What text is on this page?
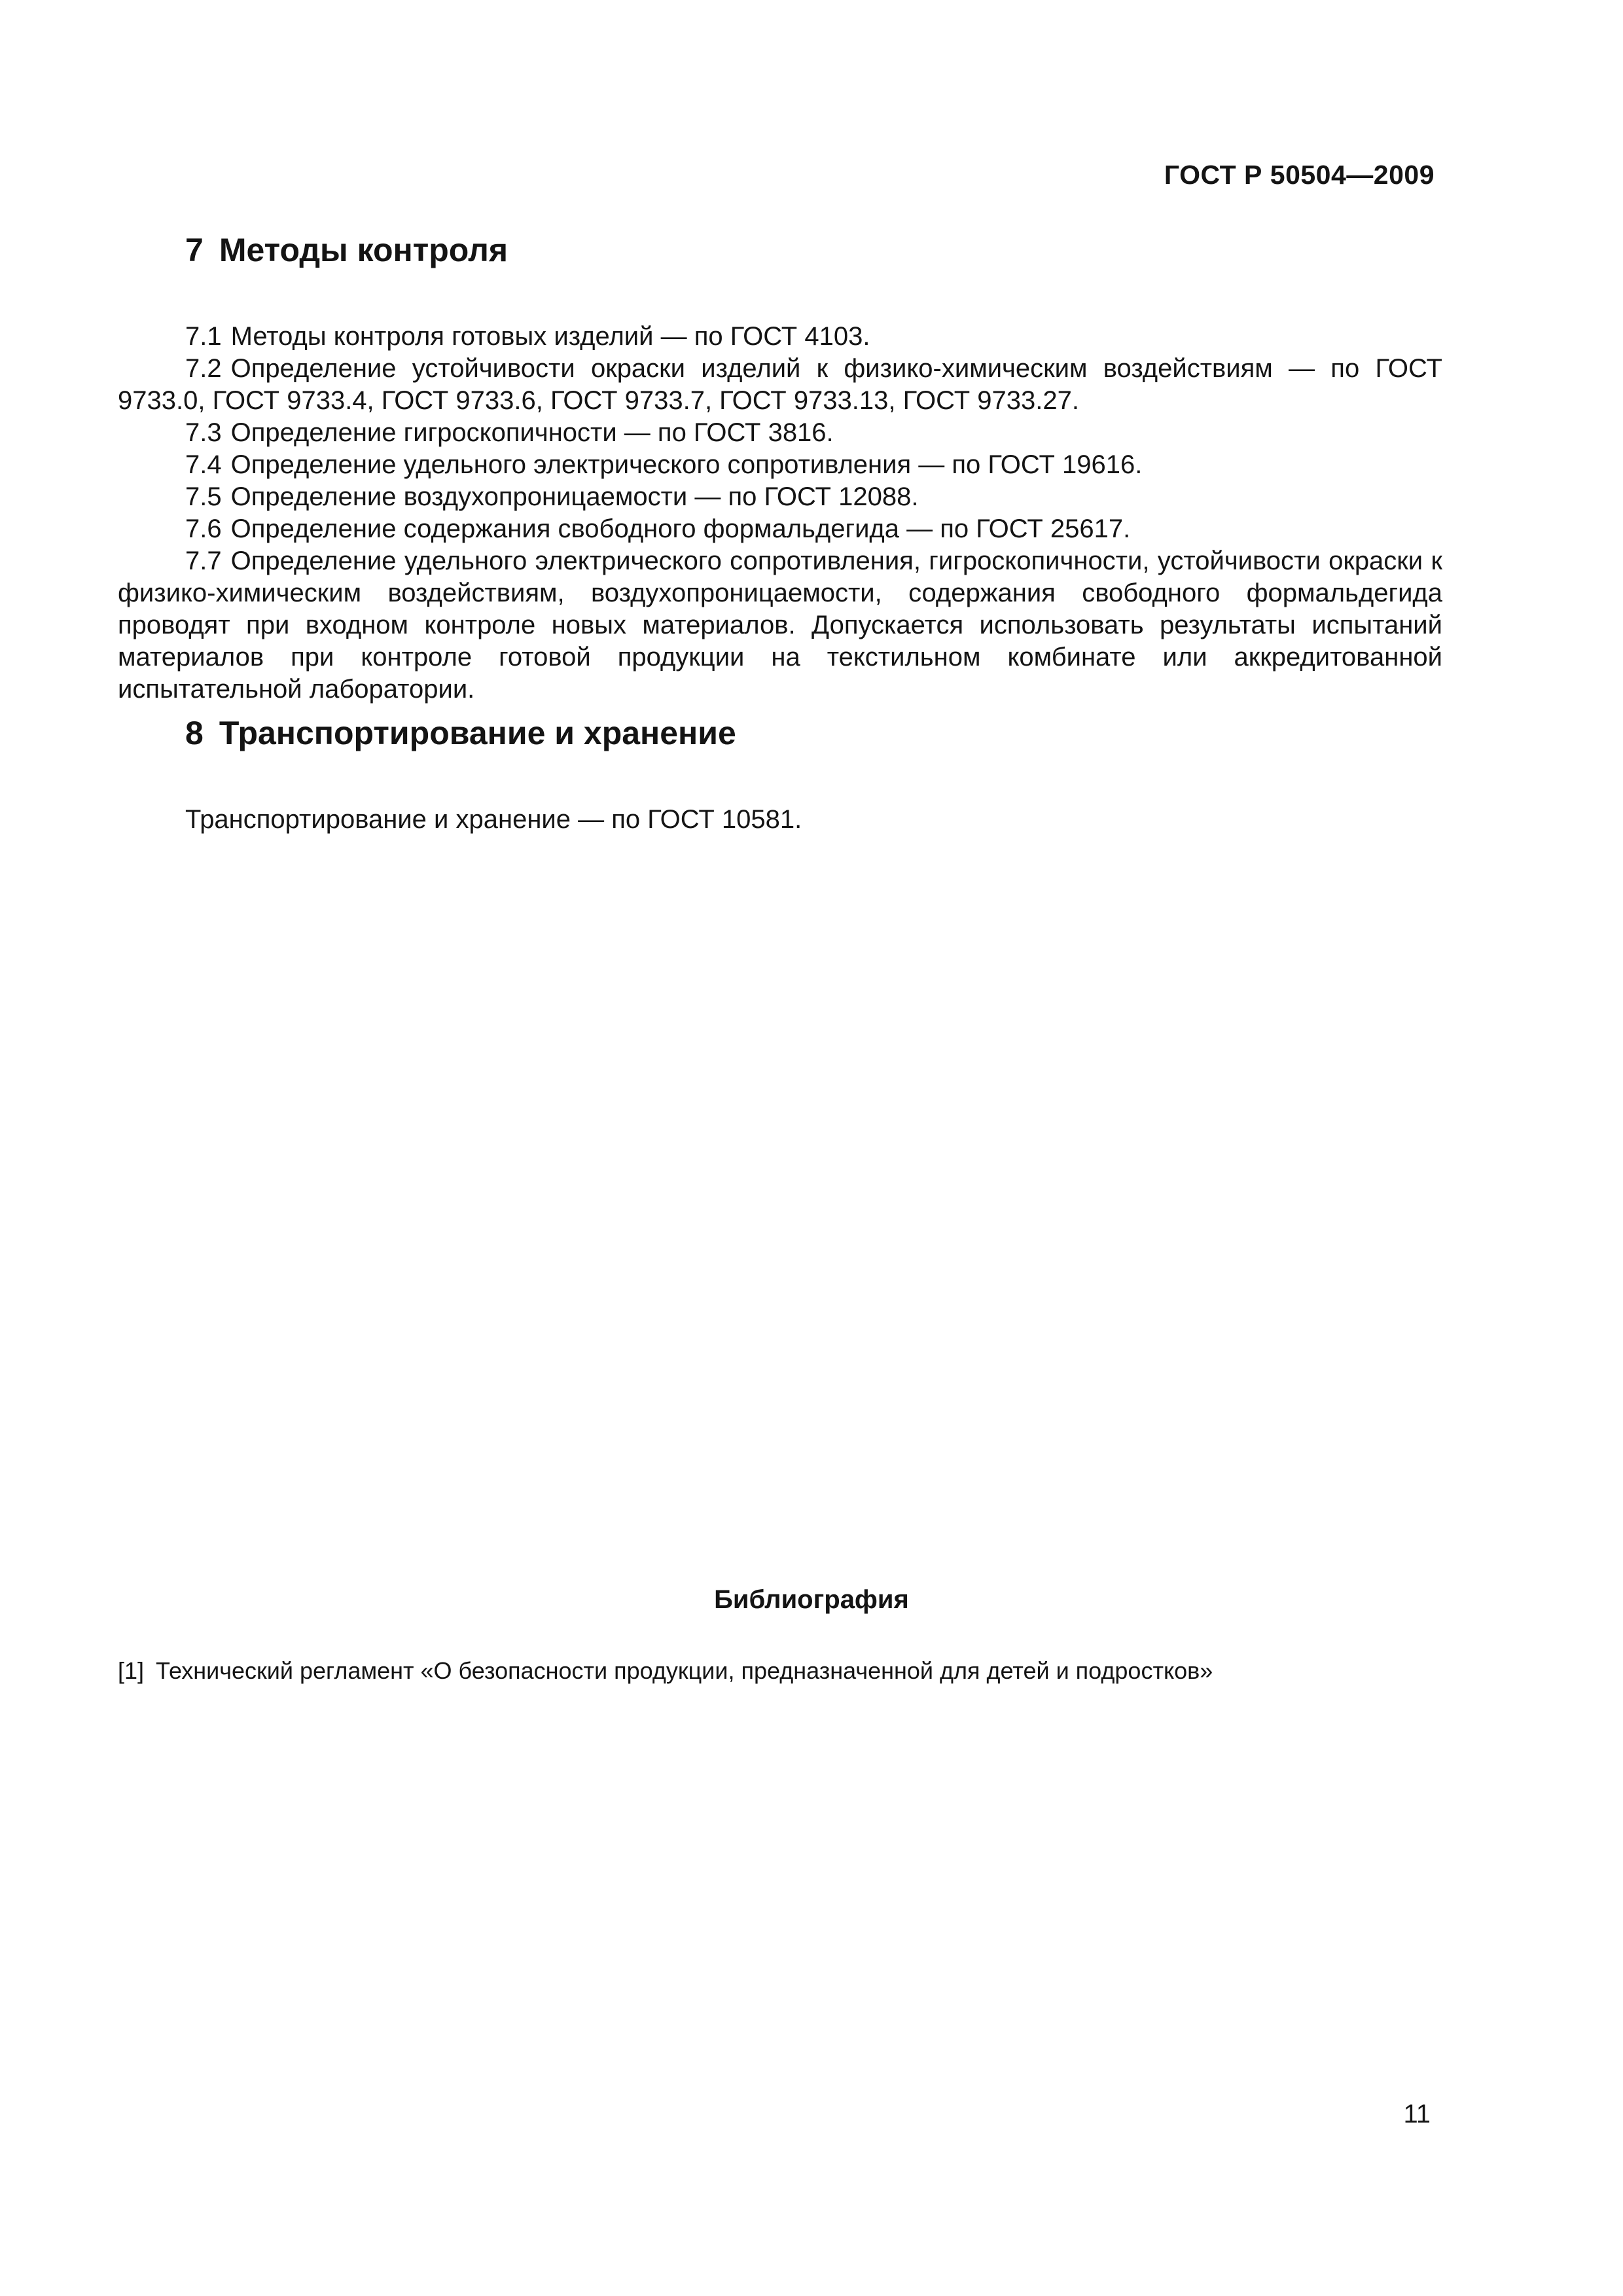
ГОСТ Р 50504—2009
7 Методы контроля

7.1 Методы контроля готовых изделий — по ГОСТ 4103.

7.2 Определение устойчивости окраски изделий к физико-химическим воздействиям — по ГОСТ 9733.0, ГОСТ 9733.4, ГОСТ 9733.6, ГОСТ 9733.7, ГОСТ 9733.13, ГОСТ 9733.27.

7.3 Определение гигроскопичности — по ГОСТ 3816.

7.4 Определение удельного электрического сопротивления — по ГОСТ 19616.

7.5 Определение воздухопроницаемости — по ГОСТ 12088.

7.6 Определение содержания свободного формальдегида — по ГОСТ 25617.

7.7 Определение удельного электрического сопротивления, гигроскопичности, устойчивости окраски к физико-химическим воздействиям, воздухопроницаемости, содержания свободного формальдегида проводят при входном контроле новых материалов. Допускается использовать результаты испытаний материалов при контроле готовой продукции на текстильном комбинате или аккредитованной испытательной лаборатории.

8 Транспортирование и хранение

Транспортирование и хранение — по ГОСТ 10581.

Библиография
[1] Технический регламент «О безопасности продукции, предназначенной для детей и подростков»
11
